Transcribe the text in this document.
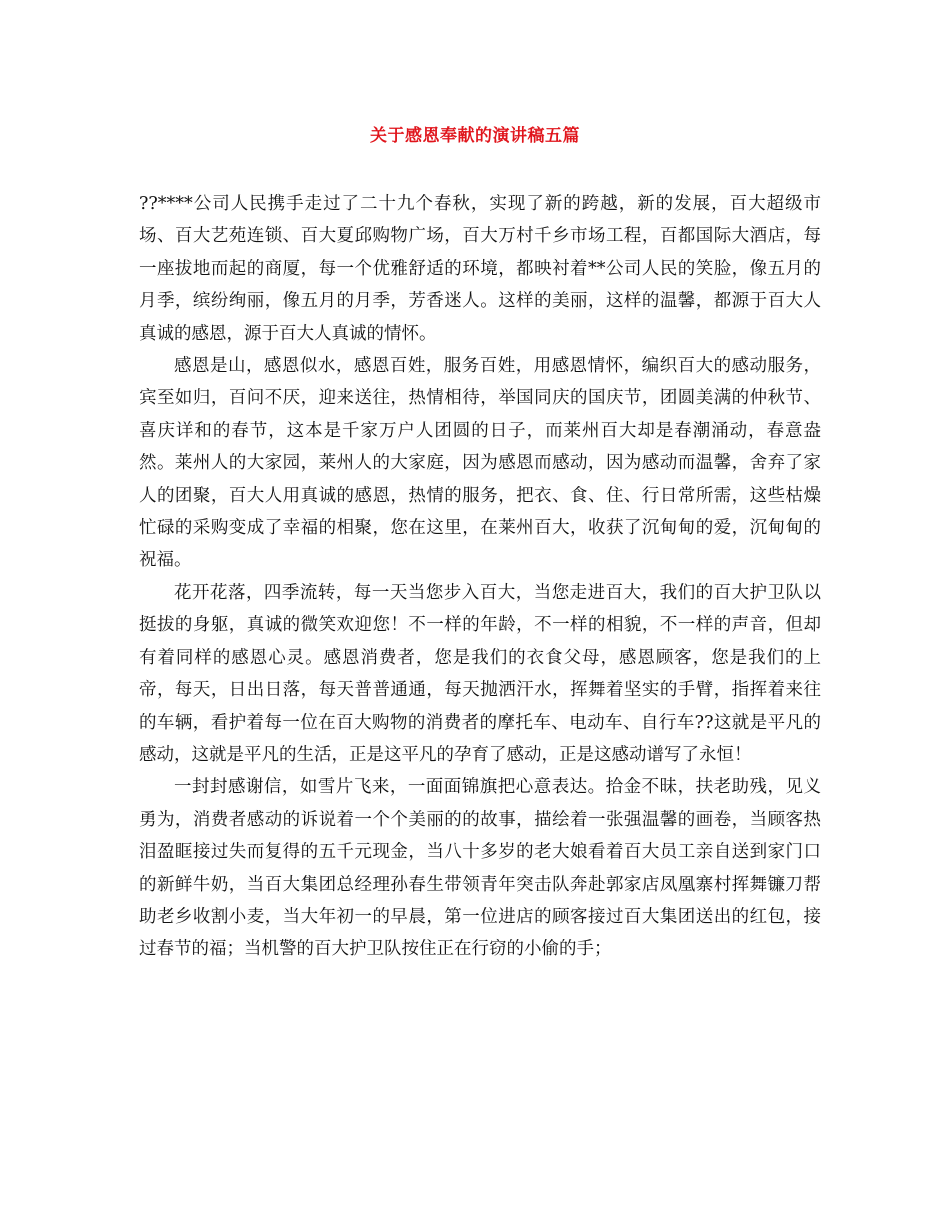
关于感恩奉献的演讲稿五篇

??****公司人民携手走过了二十九个春秋，实现了新的跨越，新的发展，百大超级市场、百大艺苑连锁、百大夏邱购物广场，百大万村千乡市场工程，百都国际大酒店，每一座拔地而起的商厦，每一个优雅舒适的环境，都映衬着**公司人民的笑脸，像五月的月季，缤纷绚丽，像五月的月季，芳香迷人。这样的美丽，这样的温馨，都源于百大人真诚的感恩，源于百大人真诚的情怀。

感恩是山，感恩似水，感恩百姓，服务百姓，用感恩情怀，编织百大的感动服务，宾至如归，百问不厌，迎来送往，热情相待，举国同庆的国庆节，团圆美满的仲秋节、喜庆详和的春节，这本是千家万户人团圆的日子，而莱州百大却是春潮涌动，春意盎然。莱州人的大家园，莱州人的大家庭，因为感恩而感动，因为感动而温馨，舍弃了家人的团聚，百大人用真诚的感恩，热情的服务，把衣、食、住、行日常所需，这些枯燥忙碌的采购变成了幸福的相聚，您在这里，在莱州百大，收获了沉甸甸的爱，沉甸甸的祝福。

花开花落，四季流转，每一天当您步入百大，当您走进百大，我们的百大护卫队以挺拔的身躯，真诚的微笑欢迎您！不一样的年龄，不一样的相貌，不一样的声音，但却有着同样的感恩心灵。感恩消费者，您是我们的衣食父母，感恩顾客，您是我们的上帝，每天，日出日落，每天普普通通，每天抛洒汗水，挥舞着坚实的手臂，指挥着来往的车辆，看护着每一位在百大购物的消费者的摩托车、电动车、自行车??这就是平凡的感动，这就是平凡的生活，正是这平凡的孕育了感动，正是这感动谱写了永恒！

一封封感谢信，如雪片飞来，一面面锦旗把心意表达。拾金不昧，扶老助残，见义勇为，消费者感动的诉说着一个个美丽的的故事，描绘着一张强温馨的画卷，当顾客热泪盈眶接过失而复得的五千元现金，当八十多岁的老大娘看着百大员工亲自送到家门口的新鲜牛奶，当百大集团总经理孙春生带领青年突击队奔赴郭家店凤凰寨村挥舞镰刀帮助老乡收割小麦，当大年初一的早晨，第一位进店的顾客接过百大集团送出的红包，接过春节的福；当机警的百大护卫队按住正在行窃的小偷的手；
